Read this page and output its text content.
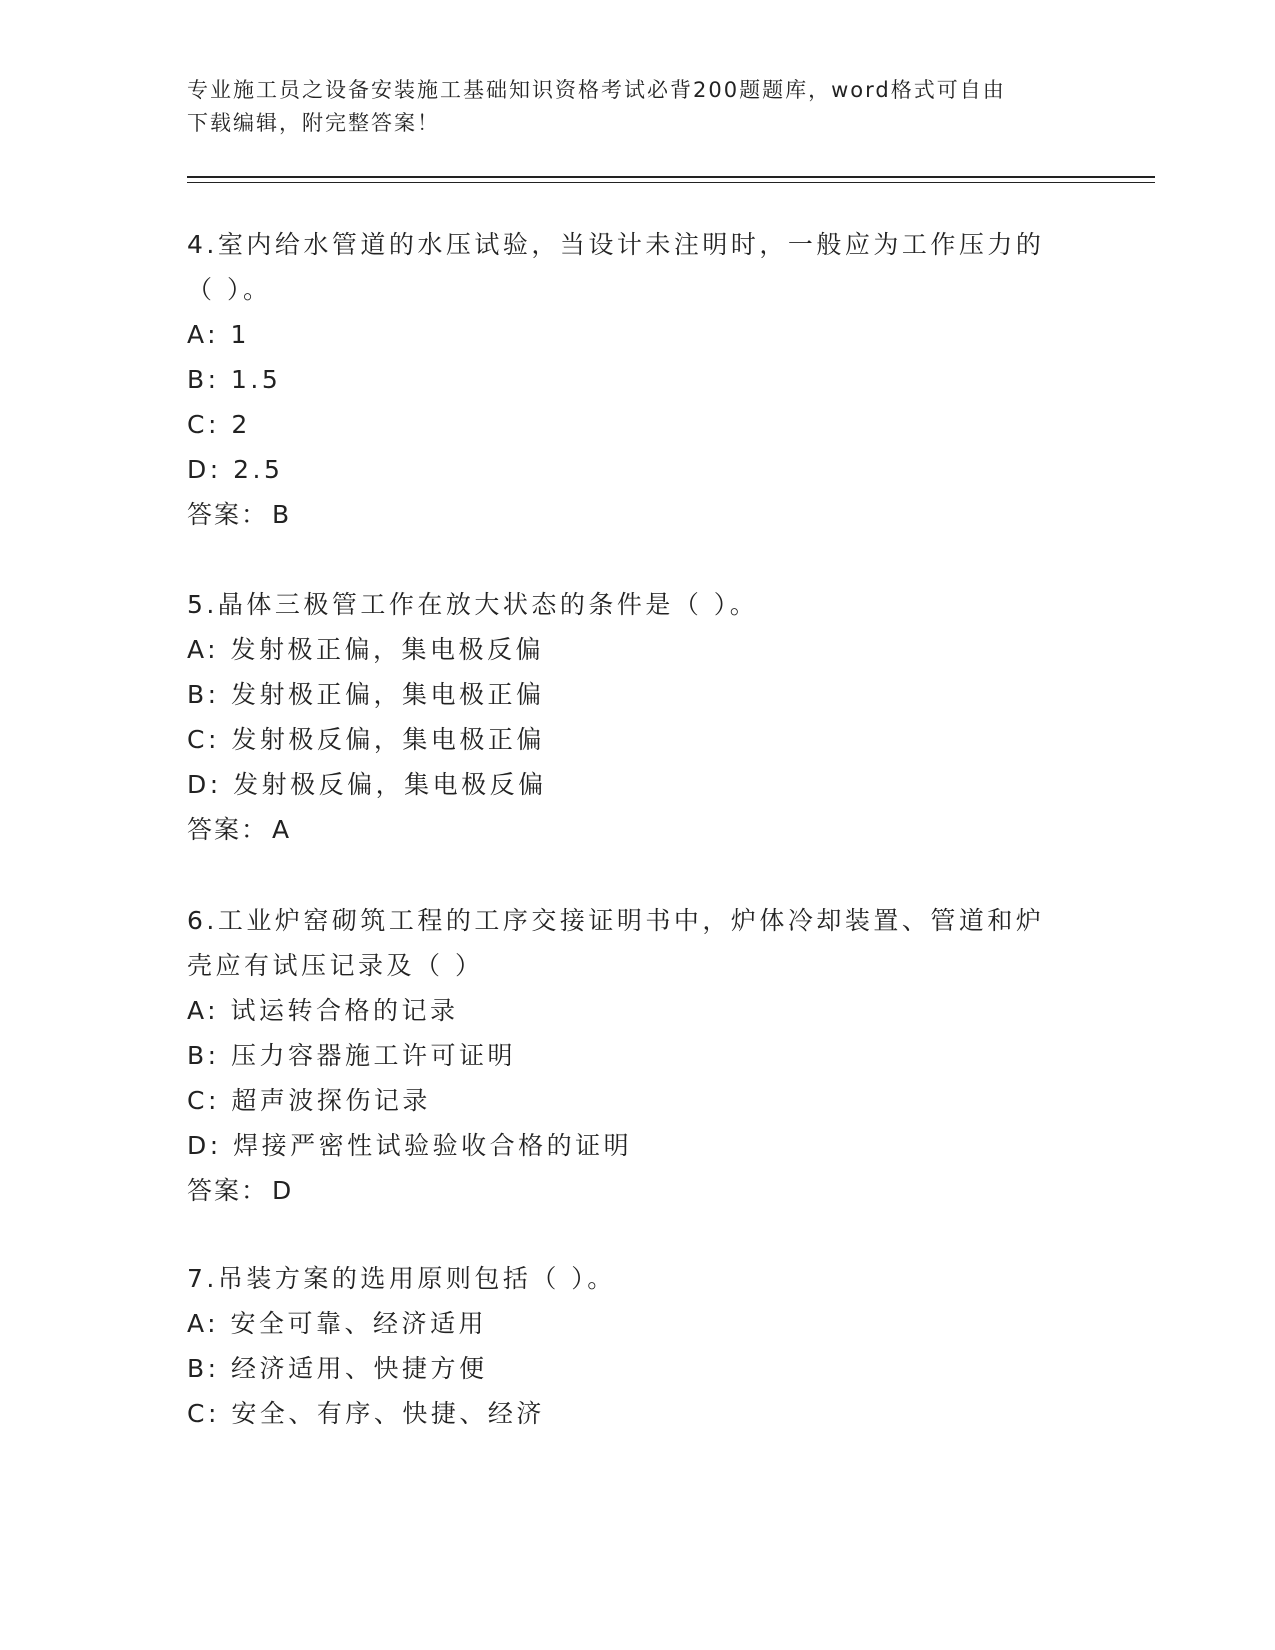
专业施工员之设备安装施工基础知识资格考试必背200题题库，word格式可自由
下载编辑，附完整答案！
4.室内给水管道的水压试验，当设计未注明时，一般应为工作压力的
（ ）。
A: 1
B: 1.5
C: 2
D: 2.5
答案： B
5.晶体三极管工作在放大状态的条件是（ ）。
A: 发射极正偏，集电极反偏
B: 发射极正偏，集电极正偏
C: 发射极反偏，集电极正偏
D: 发射极反偏，集电极反偏
答案： A
6.工业炉窑砌筑工程的工序交接证明书中，炉体冷却装置、管道和炉
壳应有试压记录及（ ）
A: 试运转合格的记录
B: 压力容器施工许可证明
C: 超声波探伤记录
D: 焊接严密性试验验收合格的证明
答案： D
7.吊装方案的选用原则包括（ ）。
A: 安全可靠、经济适用
B: 经济适用、快捷方便
C: 安全、有序、快捷、经济
